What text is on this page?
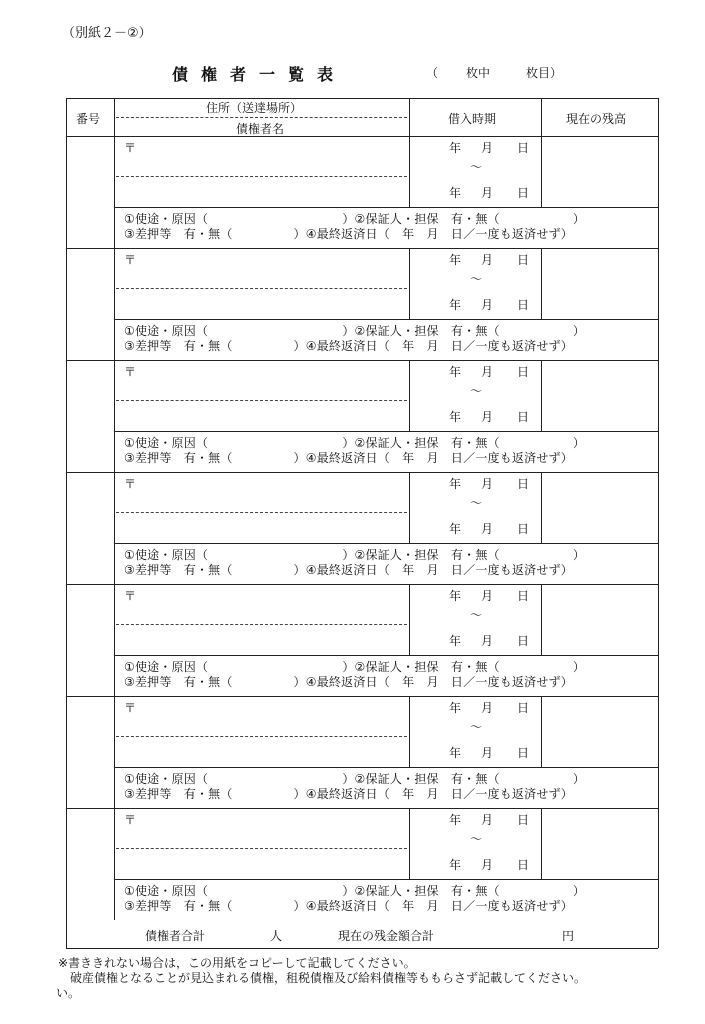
（別紙２－②）
債権者一覧表	（ 枚中	枚目）
番号
住所（送達場所）
債権者名
借入時期	現在の残高
〒	年 月 日
～
年 月 日
①使途・原因（　　　　　　　　　　　）②保証人・担保　有・無（　　　　　　）
③差押等　有・無（　　　　　）④最終返済日（　年　月　日／一度も返済せず）
〒	年 月 日
～
年 月 日
①使途・原因（　　　　　　　　　　　）②保証人・担保　有・無（　　　　　　）
③差押等　有・無（　　　　　）④最終返済日（　年　月　日／一度も返済せず）
〒	年 月 日
～
年 月 日
①使途・原因（　　　　　　　　　　　）②保証人・担保　有・無（　　　　　　）
③差押等　有・無（　　　　　）④最終返済日（　年　月　日／一度も返済せず）
〒	年 月 日
～
年 月 日
①使途・原因（　　　　　　　　　　　）②保証人・担保　有・無（　　　　　　）
③差押等　有・無（　　　　　）④最終返済日（　年　月　日／一度も返済せず）
〒	年 月 日
～
年 月 日
①使途・原因（　　　　　　　　　　　）②保証人・担保　有・無（　　　　　　）
③差押等　有・無（　　　　　）④最終返済日（　年　月　日／一度も返済せず）
〒	年 月 日
～
年 月 日
①使途・原因（　　　　　　　　　　　）②保証人・担保　有・無（　　　　　　）
③差押等　有・無（　　　　　）④最終返済日（　年　月　日／一度も返済せず）
〒	年 月 日
～
年 月 日
①使途・原因（　　　　　　　　　　　）②保証人・担保　有・無（　　　　　　）
③差押等　有・無（　　　　　）④最終返済日（　年　月　日／一度も返済せず）
債権者合計	人	現在の残金額合計	円
※書ききれない場合は，この用紙をコピーして記載してください。
　破産債権となることが見込まれる債権，租税債権及び給料債権等ももらさず記載してください。
い。
